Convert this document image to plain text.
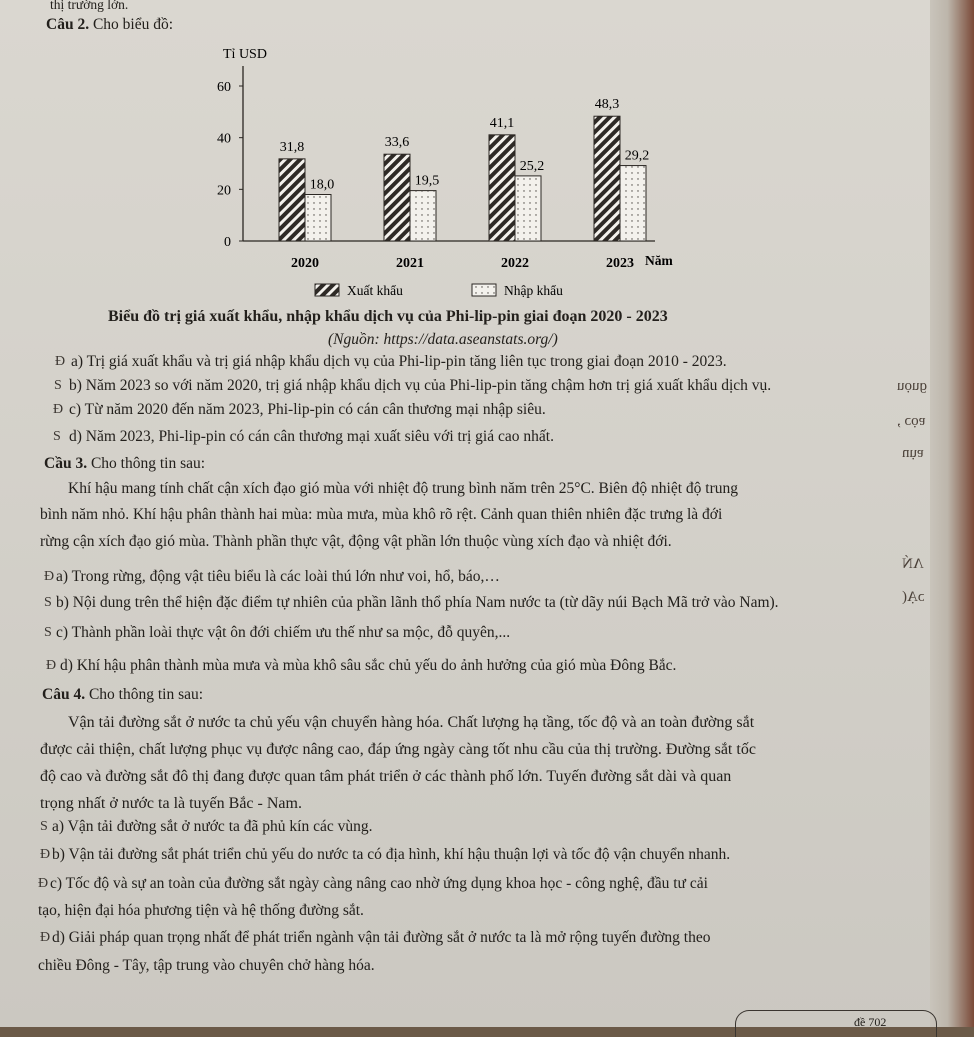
thị trường lớn.
Câu 2. Cho biểu đồ:
Tỉ USD
Năm
0
20
40
60
2020
31,8
18,0
2021
33,6
19,5
2022
41,1
25,2
2023
48,3
29,2
Xuất khẩu	Nhập khẩu
Biểu đồ trị giá xuất khẩu, nhập khẩu dịch vụ của Phi-lip-pin giai đoạn 2020 - 2023
(Nguồn: https://data.aseanstats.org/)
a) Trị giá xuất khẩu và trị giá nhập khẩu dịch vụ của Phi-lip-pin tăng liên tục trong giai đoạn 2010 - 2023.
b) Năm 2023 so với năm 2020, trị giá nhập khẩu dịch vụ của Phi-lip-pin tăng chậm hơn trị giá xuất khẩu dịch vụ.
c) Từ năm 2020 đến năm 2023, Phi-lip-pin có cán cân thương mại nhập siêu.
d) Năm 2023, Phi-lip-pin có cán cân thương mại xuất siêu với trị giá cao nhất.
Cầu 3. Cho thông tin sau:
Khí hậu mang tính chất cận xích đạo gió mùa với nhiệt độ trung bình năm trên 25°C. Biên độ nhiệt độ trung
bình năm nhỏ. Khí hậu phân thành hai mùa: mùa mưa, mùa khô rõ rệt. Cảnh quan thiên nhiên đặc trưng là đới
rừng cận xích đạo gió mùa. Thành phần thực vật, động vật phần lớn thuộc vùng xích đạo và nhiệt đới.
a) Trong rừng, động vật tiêu biểu là các loài thú lớn như voi, hổ, báo,…
b) Nội dung trên thể hiện đặc điểm tự nhiên của phần lãnh thổ phía Nam nước ta (từ dãy núi Bạch Mã trở vào Nam).
c) Thành phần loài thực vật ôn đới chiếm ưu thế như sa mộc, đỗ quyên,...
d) Khí hậu phân thành mùa mưa và mùa khô sâu sắc chủ yếu do ảnh hưởng của gió mùa Đông Bắc.
Câu 4. Cho thông tin sau:
Vận tải đường sắt ở nước ta chủ yếu vận chuyển hàng hóa. Chất lượng hạ tầng, tốc độ và an toàn đường sắt
được cải thiện, chất lượng phục vụ được nâng cao, đáp ứng ngày càng tốt nhu cầu của thị trường. Đường sắt tốc
độ cao và đường sắt đô thị đang được quan tâm phát triển ở các thành phố lớn. Tuyến đường sắt dài và quan
trọng nhất ở nước ta là tuyến Bắc - Nam.
a) Vận tải đường sắt ở nước ta đã phủ kín các vùng.
b) Vận tải đường sắt phát triển chủ yếu do nước ta có địa hình, khí hậu thuận lợi và tốc độ vận chuyển nhanh.
c) Tốc độ và sự an toàn của đường sắt ngày càng nâng cao nhờ ứng dụng khoa học - công nghệ, đầu tư cải
tạo, hiện đại hóa phương tiện và hệ thống đường sắt.
d) Giải pháp quan trọng nhất để phát triển ngành vận tải đường sắt ở nước ta là mở rộng tuyến đường theo
chiều Đông - Tây, tập trung vào chuyên chở hàng hóa.
đề 702
Ð
S
Ð
S
Ð
S
S
Ð
S
Ð
Ð
Ð
ɡuọu
ɐọɔ ,
ɐụn
ΛŃ
ɔẠ(
